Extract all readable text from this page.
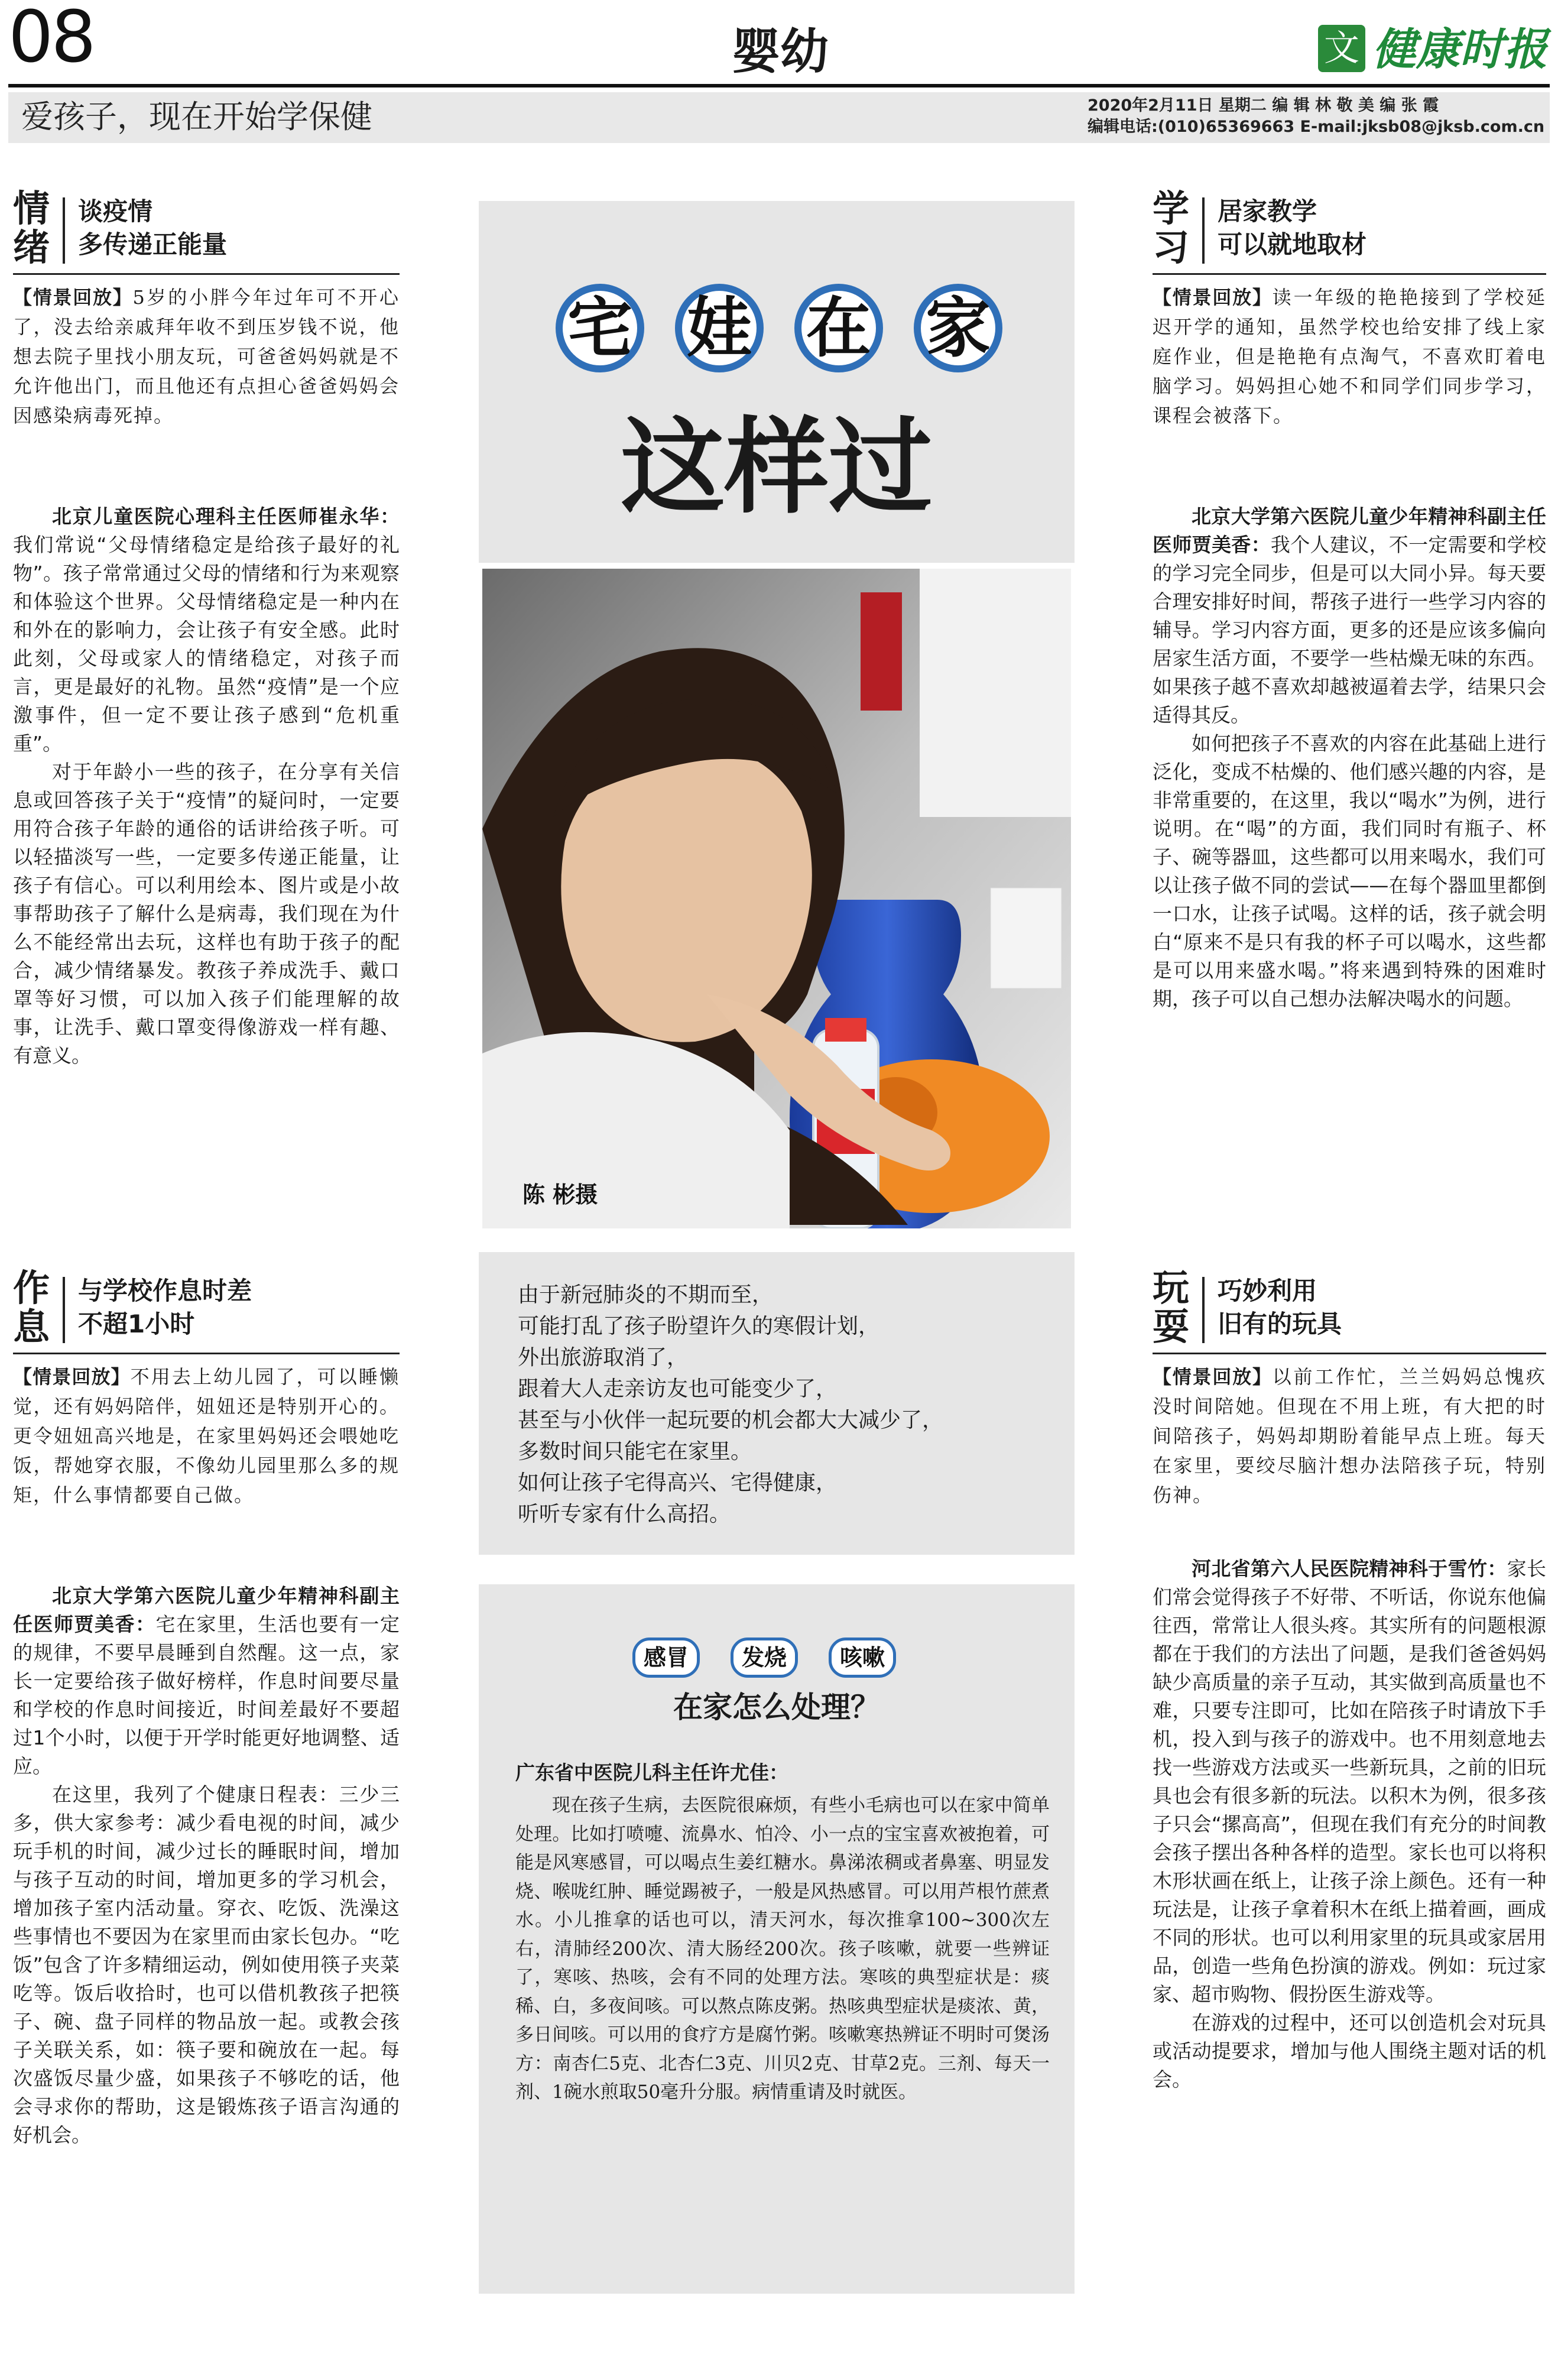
08	婴幼	文 健康时报
爱孩子，现在开始学保健	2020年2月11日 星期二 编 辑 林 敬 美 编 张 霞
编辑电话:(010)65369663 E-mail:jksb08@jksb.com.cn
情绪
谈疫情
多传递正能量
【情景回放】5岁的小胖今年过年可不开心了，没去给亲戚拜年收不到压岁钱不说，他想去院子里找小朋友玩，可爸爸妈妈就是不允许他出门，而且他还有点担心爸爸妈妈会因感染病毒死掉。

北京儿童医院心理科主任医师崔永华：我们常说“父母情绪稳定是给孩子最好的礼物”。孩子常常通过父母的情绪和行为来观察和体验这个世界。父母情绪稳定是一种内在和外在的影响力，会让孩子有安全感。此时此刻，父母或家人的情绪稳定，对孩子而言，更是最好的礼物。虽然“疫情”是一个应激事件，但一定不要让孩子感到“危机重重”。

对于年龄小一些的孩子，在分享有关信息或回答孩子关于“疫情”的疑问时，一定要用符合孩子年龄的通俗的话讲给孩子听。可以轻描淡写一些，一定要多传递正能量，让孩子有信心。可以利用绘本、图片或是小故事帮助孩子了解什么是病毒，我们现在为什么不能经常出去玩，这样也有助于孩子的配合，减少情绪暴发。教孩子养成洗手、戴口罩等好习惯，可以加入孩子们能理解的故事，让洗手、戴口罩变得像游戏一样有趣、有意义。

学习
居家教学
可以就地取材
【情景回放】读一年级的艳艳接到了学校延迟开学的通知，虽然学校也给安排了线上家庭作业，但是艳艳有点淘气，不喜欢盯着电脑学习。妈妈担心她不和同学们同步学习，课程会被落下。

北京大学第六医院儿童少年精神科副主任医师贾美香：我个人建议，不一定需要和学校的学习完全同步，但是可以大同小异。每天要合理安排好时间，帮孩子进行一些学习内容的辅导。学习内容方面，更多的还是应该多偏向居家生活方面，不要学一些枯燥无味的东西。如果孩子越不喜欢却越被逼着去学，结果只会适得其反。

如何把孩子不喜欢的内容在此基础上进行泛化，变成不枯燥的、他们感兴趣的内容，是非常重要的，在这里，我以“喝水”为例，进行说明。在“喝”的方面，我们同时有瓶子、杯子、碗等器皿，这些都可以用来喝水，我们可以让孩子做不同的尝试——在每个器皿里都倒一口水，让孩子试喝。这样的话，孩子就会明白“原来不是只有我的杯子可以喝水，这些都是可以用来盛水喝。”将来遇到特殊的困难时期，孩子可以自己想办法解决喝水的问题。

作息
与学校作息时差
不超1小时
【情景回放】不用去上幼儿园了，可以睡懒觉，还有妈妈陪伴，妞妞还是特别开心的。更令妞妞高兴地是，在家里妈妈还会喂她吃饭，帮她穿衣服，不像幼儿园里那么多的规矩，什么事情都要自己做。

北京大学第六医院儿童少年精神科副主任医师贾美香：宅在家里，生活也要有一定的规律，不要早晨睡到自然醒。这一点，家长一定要给孩子做好榜样，作息时间要尽量和学校的作息时间接近，时间差最好不要超过1个小时，以便于开学时能更好地调整、适应。

在这里，我列了个健康日程表：三少三多，供大家参考：减少看电视的时间，减少玩手机的时间，减少过长的睡眠时间，增加与孩子互动的时间，增加更多的学习机会，增加孩子室内活动量。穿衣、吃饭、洗澡这些事情也不要因为在家里而由家长包办。“吃饭”包含了许多精细运动，例如使用筷子夹菜吃等。饭后收拾时，也可以借机教孩子把筷子、碗、盘子同样的物品放一起。或教会孩子关联关系，如：筷子要和碗放在一起。每次盛饭尽量少盛，如果孩子不够吃的话，他会寻求你的帮助，这是锻炼孩子语言沟通的好机会。

玩耍
巧妙利用
旧有的玩具
【情景回放】以前工作忙，兰兰妈妈总愧疚没时间陪她。但现在不用上班，有大把的时间陪孩子，妈妈却期盼着能早点上班。每天在家里，要绞尽脑汁想办法陪孩子玩，特别伤神。

河北省第六人民医院精神科于雪竹：家长们常会觉得孩子不好带、不听话，你说东他偏往西，常常让人很头疼。其实所有的问题根源都在于我们的方法出了问题，是我们爸爸妈妈缺少高质量的亲子互动，其实做到高质量也不难，只要专注即可，比如在陪孩子时请放下手机，投入到与孩子的游戏中。也不用刻意地去找一些游戏方法或买一些新玩具，之前的旧玩具也会有很多新的玩法。以积木为例，很多孩子只会“摞高高”，但现在我们有充分的时间教会孩子摆出各种各样的造型。家长也可以将积木形状画在纸上，让孩子涂上颜色。还有一种玩法是，让孩子拿着积木在纸上描着画，画成不同的形状。也可以利用家里的玩具或家居用品，创造一些角色扮演的游戏。例如：玩过家家、超市购物、假扮医生游戏等。

在游戏的过程中，还可以创造机会对玩具或活动提要求，增加与他人围绕主题对话的机会。

宅 娃 在 家
这样过
陈 彬摄
由于新冠肺炎的不期而至，
可能打乱了孩子盼望许久的寒假计划，
外出旅游取消了，
跟着大人走亲访友也可能变少了，
甚至与小伙伴一起玩要的机会都大大减少了，
多数时间只能宅在家里。
如何让孩子宅得高兴、宅得健康，
听听专家有什么高招。
感冒	发烧	咳嗽
在家怎么处理？
广东省中医院儿科主任许尤佳：

现在孩子生病，去医院很麻烦，有些小毛病也可以在家中简单处理。比如打喷嚏、流鼻水、怕冷、小一点的宝宝喜欢被抱着，可能是风寒感冒，可以喝点生姜红糖水。鼻涕浓稠或者鼻塞、明显发烧、喉咙红肿、睡觉踢被子，一般是风热感冒。可以用芦根竹蔗煮水。小儿推拿的话也可以，清天河水，每次推拿100~300次左右，清肺经200次、清大肠经200次。孩子咳嗽，就要一些辨证了，寒咳、热咳，会有不同的处理方法。寒咳的典型症状是：痰稀、白，多夜间咳。可以熬点陈皮粥。热咳典型症状是痰浓、黄，多日间咳。可以用的食疗方是腐竹粥。咳嗽寒热辨证不明时可煲汤方：南杏仁5克、北杏仁3克、川贝2克、甘草2克。三剂、每天一剂、1碗水煎取50毫升分服。病情重请及时就医。
